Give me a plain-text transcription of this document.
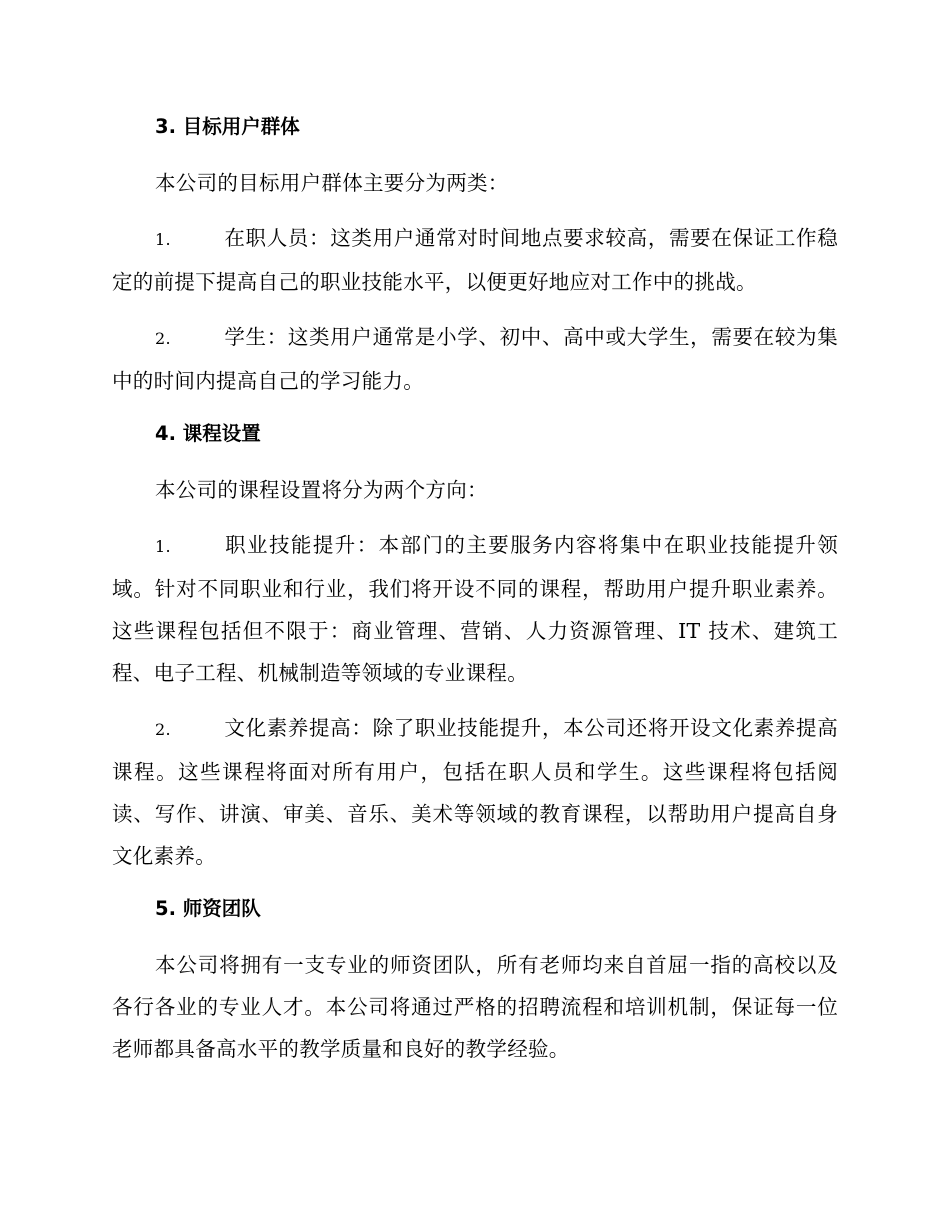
3. 目标用户群体

本公司的目标用户群体主要分为两类：

1.	在职人员：这类用户通常对时间地点要求较高，需要在保证工作稳定的前提下提高自己的职业技能水平，以便更好地应对工作中的挑战。

2.	学生：这类用户通常是小学、初中、高中或大学生，需要在较为集中的时间内提高自己的学习能力。

4. 课程设置

本公司的课程设置将分为两个方向：

1.	职业技能提升：本部门的主要服务内容将集中在职业技能提升领域。针对不同职业和行业，我们将开设不同的课程，帮助用户提升职业素养。这些课程包括但不限于：商业管理、营销、人力资源管理、IT 技术、建筑工程、电子工程、机械制造等领域的专业课程。

2.	文化素养提高：除了职业技能提升，本公司还将开设文化素养提高课程。这些课程将面对所有用户，包括在职人员和学生。这些课程将包括阅读、写作、讲演、审美、音乐、美术等领域的教育课程，以帮助用户提高自身文化素养。

5. 师资团队

本公司将拥有一支专业的师资团队，所有老师均来自首屈一指的高校以及各行各业的专业人才。本公司将通过严格的招聘流程和培训机制，保证每一位老师都具备高水平的教学质量和良好的教学经验。
